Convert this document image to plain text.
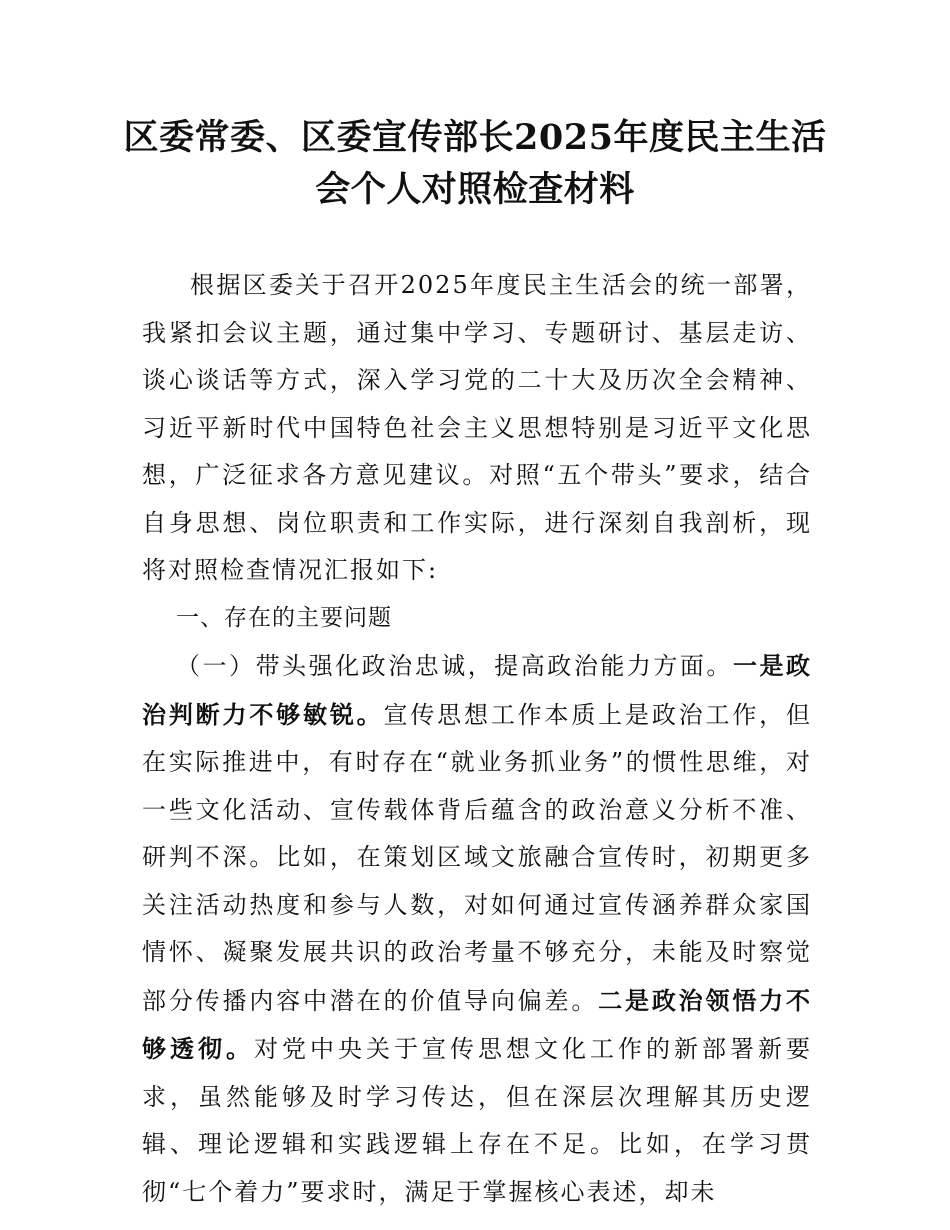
区委常委、区委宣传部长2025年度民主生活
会个人对照检查材料

根据区委关于召开2025年度民主生活会的统一部署，我紧扣会议主题，通过集中学习、专题研讨、基层走访、谈心谈话等方式，深入学习党的二十大及历次全会精神、习近平新时代中国特色社会主义思想特别是习近平文化思想，广泛征求各方意见建议。对照“五个带头”要求，结合自身思想、岗位职责和工作实际，进行深刻自我剖析，现将对照检查情况汇报如下:

一、存在的主要问题

（一）带头强化政治忠诚，提高政治能力方面。一是政治判断力不够敏锐。宣传思想工作本质上是政治工作，但在实际推进中，有时存在“就业务抓业务”的惯性思维，对一些文化活动、宣传载体背后蕴含的政治意义分析不准、研判不深。比如，在策划区域文旅融合宣传时，初期更多关注活动热度和参与人数，对如何通过宣传涵养群众家国情怀、凝聚发展共识的政治考量不够充分，未能及时察觉部分传播内容中潜在的价值导向偏差。二是政治领悟力不够透彻。对党中央关于宣传思想文化工作的新部署新要求，虽然能够及时学习传达，但在深层次理解其历史逻辑、理论逻辑和实践逻辑上存在不足。比如，在学习贯彻“七个着力”要求时，满足于掌握核心表述，却未
